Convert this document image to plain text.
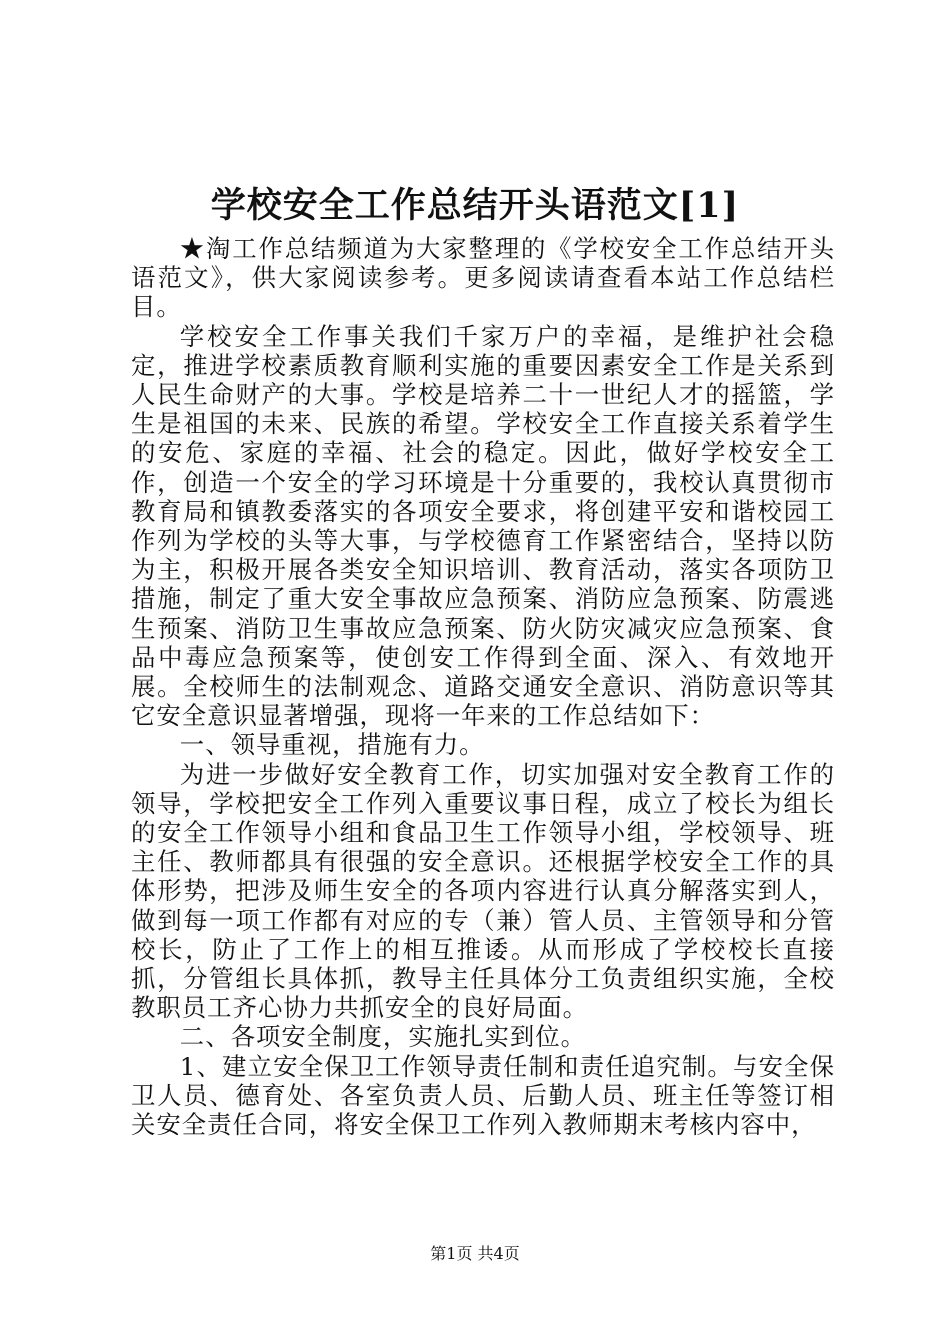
学校安全工作总结开头语范文[1]

★淘工作总结频道为大家整理的《学校安全工作总结开头语范文》，供大家阅读参考。更多阅读请查看本站工作总结栏目。

学校安全工作事关我们千家万户的幸福，是维护社会稳定，推进学校素质教育顺利实施的重要因素安全工作是关系到人民生命财产的大事。学校是培养二十一世纪人才的摇篮，学生是祖国的未来、民族的希望。学校安全工作直接关系着学生的安危、家庭的幸福、社会的稳定。因此，做好学校安全工作，创造一个安全的学习环境是十分重要的，我校认真贯彻市教育局和镇教委落实的各项安全要求，将创建平安和谐校园工作列为学校的头等大事，与学校德育工作紧密结合，坚持以防为主，积极开展各类安全知识培训、教育活动，落实各项防卫措施，制定了重大安全事故应急预案、消防应急预案、防震逃生预案、消防卫生事故应急预案、防火防灾减灾应急预案、食品中毒应急预案等，使创安工作得到全面、深入、有效地开展。全校师生的法制观念、道路交通安全意识、消防意识等其它安全意识显著增强，现将一年来的工作总结如下：

一、领导重视，措施有力。

为进一步做好安全教育工作，切实加强对安全教育工作的领导，学校把安全工作列入重要议事日程，成立了校长为组长的安全工作领导小组和食品卫生工作领导小组，学校领导、班主任、教师都具有很强的安全意识。还根据学校安全工作的具体形势，把涉及师生安全的各项内容进行认真分解落实到人，做到每一项工作都有对应的专（兼）管人员、主管领导和分管校长，防止了工作上的相互推诿。从而形成了学校校长直接抓，分管组长具体抓，教导主任具体分工负责组织实施，全校教职员工齐心协力共抓安全的良好局面。

二、各项安全制度，实施扎实到位。

1、建立安全保卫工作领导责任制和责任追究制。与安全保卫人员、德育处、各室负责人员、后勤人员、班主任等签订相关安全责任合同，将安全保卫工作列入教师期末考核内容中，

第1页 共4页
